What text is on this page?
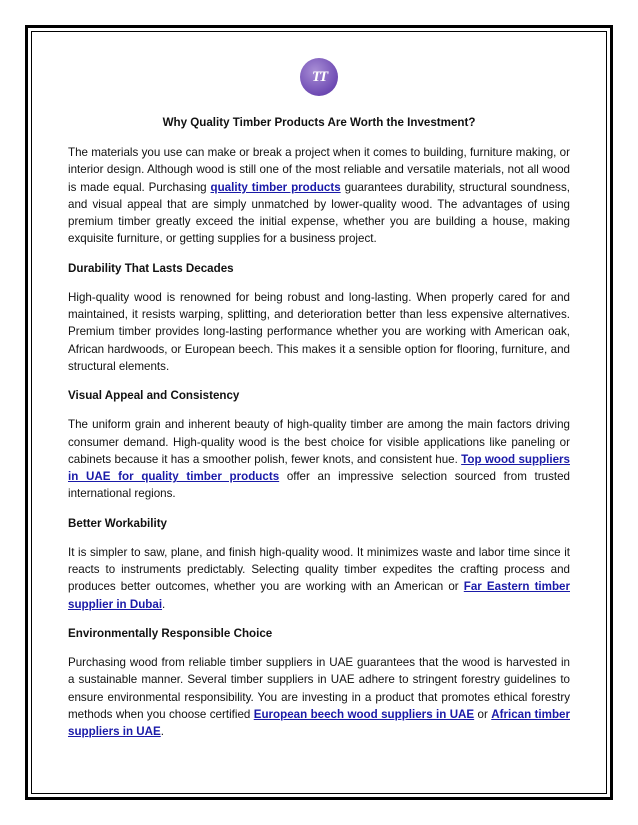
TT
Why Quality Timber Products Are Worth the Investment?

The materials you use can make or break a project when it comes to building, furniture making, or interior design. Although wood is still one of the most reliable and versatile materials, not all wood is made equal. Purchasing quality timber products guarantees durability, structural soundness, and visual appeal that are simply unmatched by lower-quality wood. The advantages of using premium timber greatly exceed the initial expense, whether you are building a house, making exquisite furniture, or getting supplies for a business project.

Durability That Lasts Decades

High-quality wood is renowned for being robust and long-lasting. When properly cared for and maintained, it resists warping, splitting, and deterioration better than less expensive alternatives. Premium timber provides long-lasting performance whether you are working with American oak, African hardwoods, or European beech. This makes it a sensible option for flooring, furniture, and structural elements.

Visual Appeal and Consistency

The uniform grain and inherent beauty of high-quality timber are among the main factors driving consumer demand. High-quality wood is the best choice for visible applications like paneling or cabinets because it has a smoother polish, fewer knots, and consistent hue. Top wood suppliers in UAE for quality timber products offer an impressive selection sourced from trusted international regions.

Better Workability

It is simpler to saw, plane, and finish high-quality wood. It minimizes waste and labor time since it reacts to instruments predictably. Selecting quality timber expedites the crafting process and produces better outcomes, whether you are working with an American or Far Eastern timber supplier in Dubai.

Environmentally Responsible Choice

Purchasing wood from reliable timber suppliers in UAE guarantees that the wood is harvested in a sustainable manner. Several timber suppliers in UAE adhere to stringent forestry guidelines to ensure environmental responsibility. You are investing in a product that promotes ethical forestry methods when you choose certified European beech wood suppliers in UAE or African timber suppliers in UAE.
